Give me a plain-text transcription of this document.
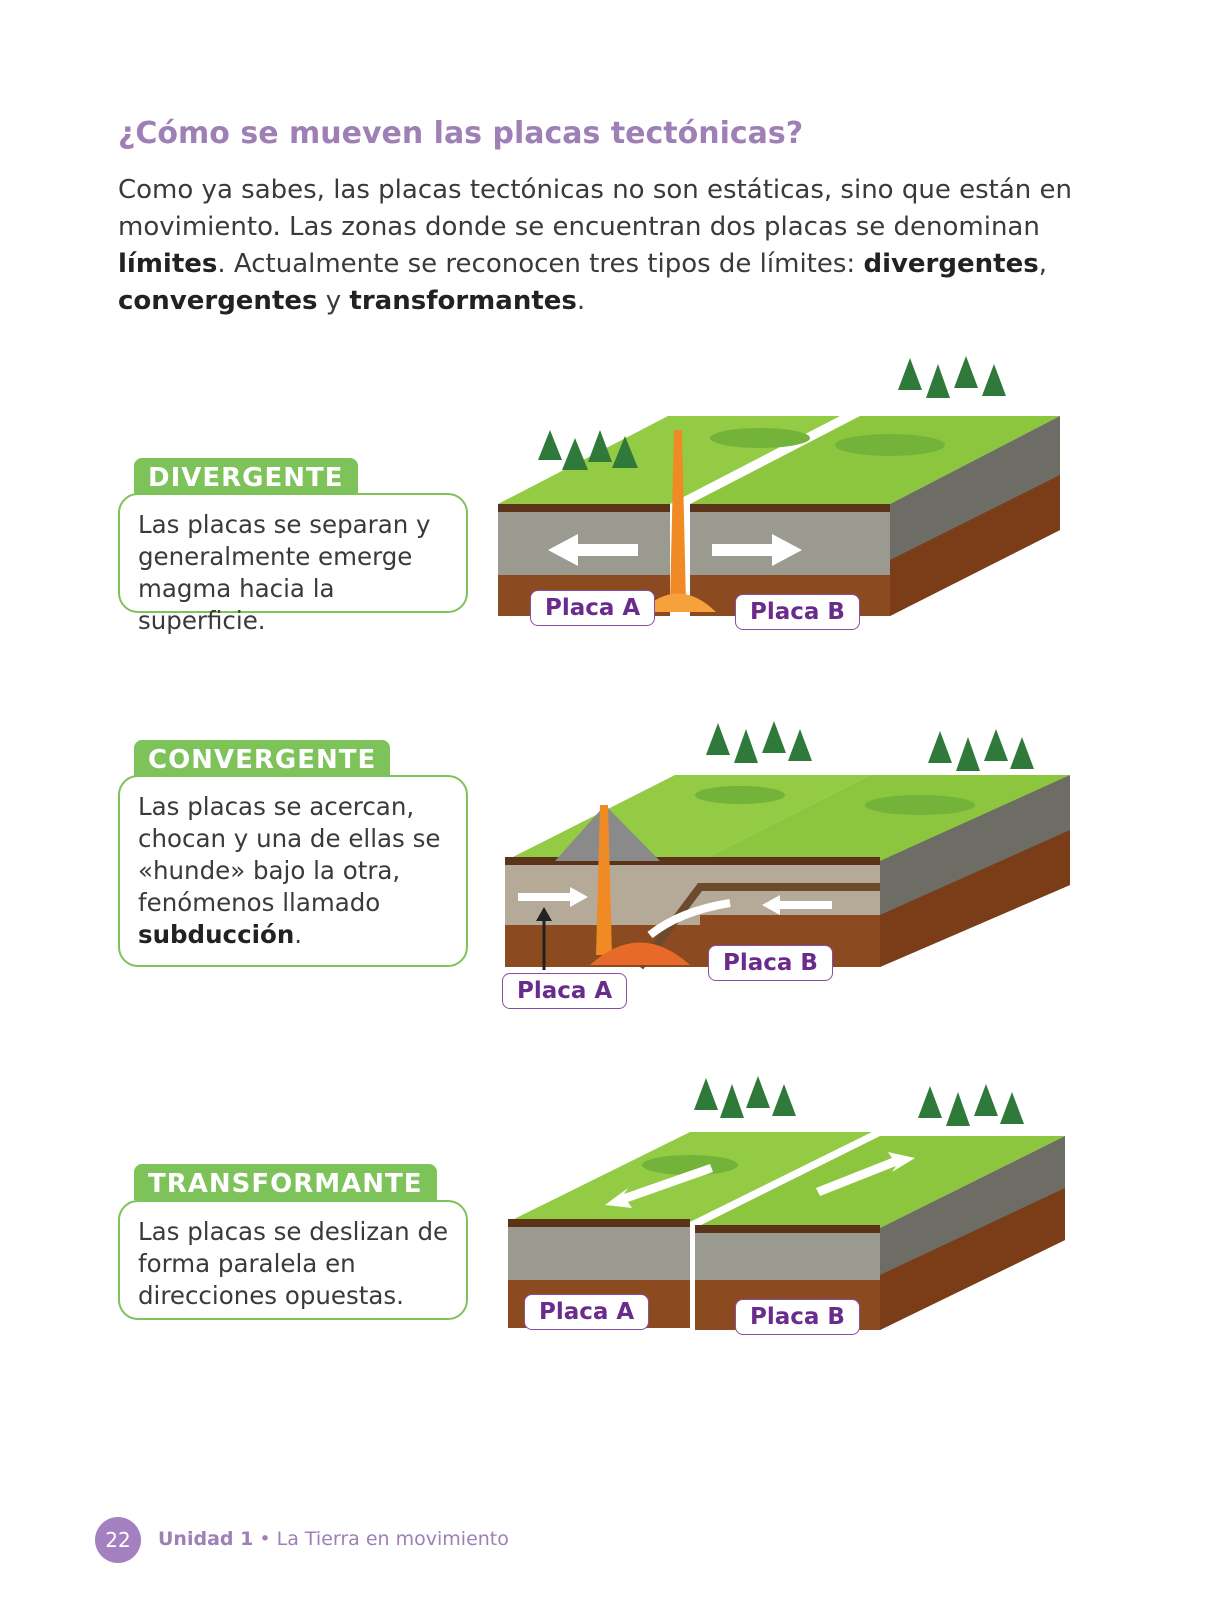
¿Cómo se mueven las placas tectónicas?
Como ya sabes, las placas tectónicas no son estáticas, sino que están en movimiento. Las zonas donde se encuentran dos placas se denominan límites. Actualmente se reconocen tres tipos de límites: divergentes, convergentes y transformantes.
DIVERGENTE
Las placas se separan y generalmente emerge magma hacia la superficie.	Placa A	Placa B
CONVERGENTE
Las placas se acercan, chocan y una de ellas se «hunde» bajo la otra, fenómenos llamado subducción.
Placa B
Placa A
TRANSFORMANTE
Las placas se deslizan de forma paralela en direcciones opuestas.
Placa A	Placa B
22	Unidad 1 • La Tierra en movimiento
